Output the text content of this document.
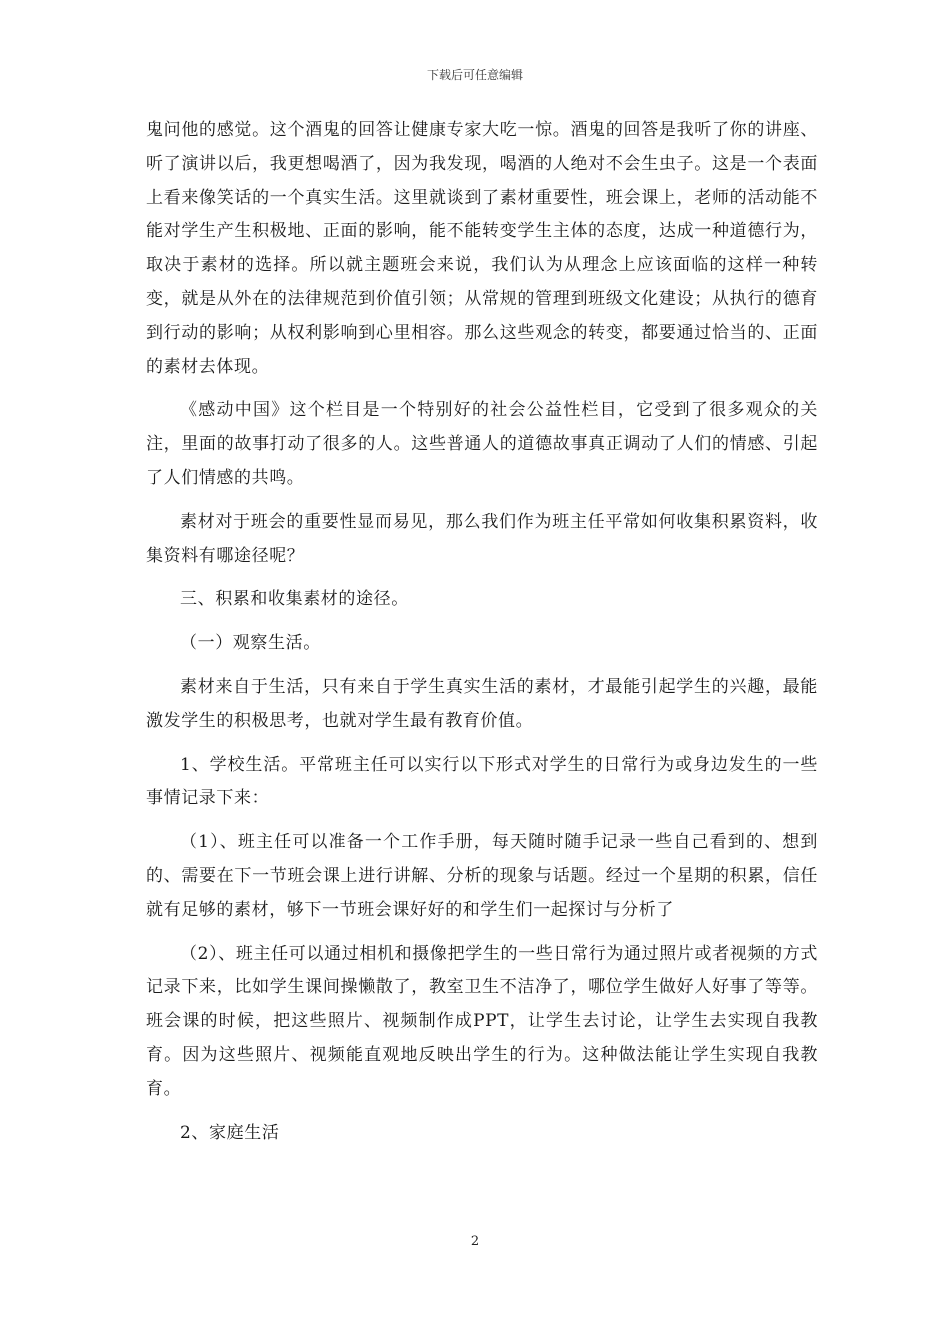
下载后可任意编辑

鬼问他的感觉。这个酒鬼的回答让健康专家大吃一惊。酒鬼的回答是我听了你的讲座、听了演讲以后，我更想喝酒了，因为我发现，喝酒的人绝对不会生虫子。这是一个表面上看来像笑话的一个真实生活。这里就谈到了素材重要性，班会课上，老师的活动能不能对学生产生积极地、正面的影响，能不能转变学生主体的态度，达成一种道德行为，取决于素材的选择。所以就主题班会来说，我们认为从理念上应该面临的这样一种转变，就是从外在的法律规范到价值引领；从常规的管理到班级文化建设；从执行的德育到行动的影响；从权利影响到心里相容。那么这些观念的转变，都要通过恰当的、正面的素材去体现。

《感动中国》这个栏目是一个特别好的社会公益性栏目，它受到了很多观众的关注，里面的故事打动了很多的人。这些普通人的道德故事真正调动了人们的情感、引起了人们情感的共鸣。

素材对于班会的重要性显而易见，那么我们作为班主任平常如何收集积累资料，收集资料有哪途径呢？

三、积累和收集素材的途径。

（一）观察生活。

素材来自于生活，只有来自于学生真实生活的素材，才最能引起学生的兴趣，最能激发学生的积极思考，也就对学生最有教育价值。

1、学校生活。平常班主任可以实行以下形式对学生的日常行为或身边发生的一些事情记录下来：

（1）、班主任可以准备一个工作手册，每天随时随手记录一些自己看到的、想到的、需要在下一节班会课上进行讲解、分析的现象与话题。经过一个星期的积累，信任就有足够的素材，够下一节班会课好好的和学生们一起探讨与分析了

（2）、班主任可以通过相机和摄像把学生的一些日常行为通过照片或者视频的方式记录下来，比如学生课间操懒散了，教室卫生不洁净了，哪位学生做好人好事了等等。班会课的时候，把这些照片、视频制作成PPT，让学生去讨论，让学生去实现自我教育。因为这些照片、视频能直观地反映出学生的行为。这种做法能让学生实现自我教育。

2、家庭生活

2
